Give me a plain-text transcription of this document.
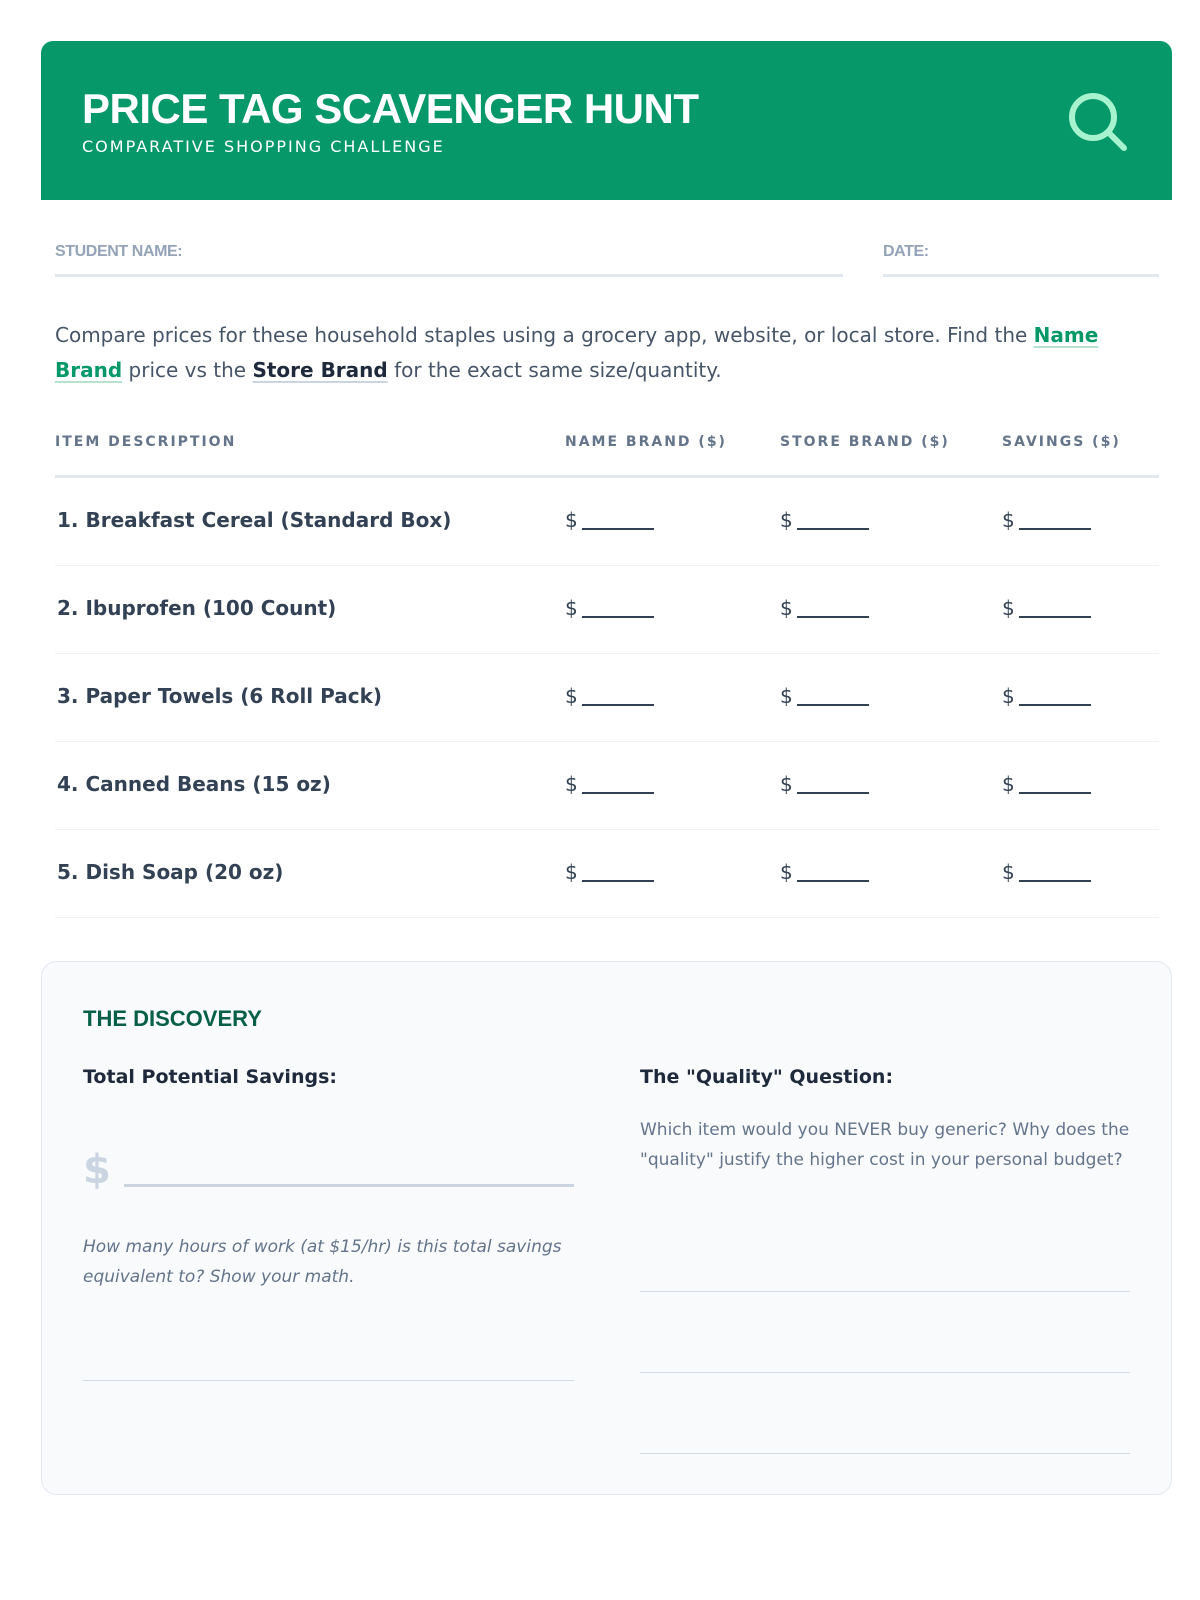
PRICE TAG SCAVENGER HUNT
COMPARATIVE SHOPPING CHALLENGE
STUDENT NAME:	DATE:

Compare prices for these household staples using a grocery app, website, or local store. Find the Name Brand price vs the Store Brand for the exact same size/quantity.

ITEM DESCRIPTION	NAME BRAND ($)	STORE BRAND ($)	SAVINGS ($)
1. Breakfast Cereal (Standard Box)	$	$	$
2. Ibuprofen (100 Count)	$	$	$
3. Paper Towels (6 Roll Pack)	$	$	$
4. Canned Beans (15 oz)	$	$	$
5. Dish Soap (20 oz)	$	$	$
THE DISCOVERY
Total Potential Savings:
$
How many hours of work (at $15/hr) is this total savings equivalent to? Show your math.
The "Quality" Question:
Which item would you NEVER buy generic? Why does the "quality" justify the higher cost in your personal budget?
